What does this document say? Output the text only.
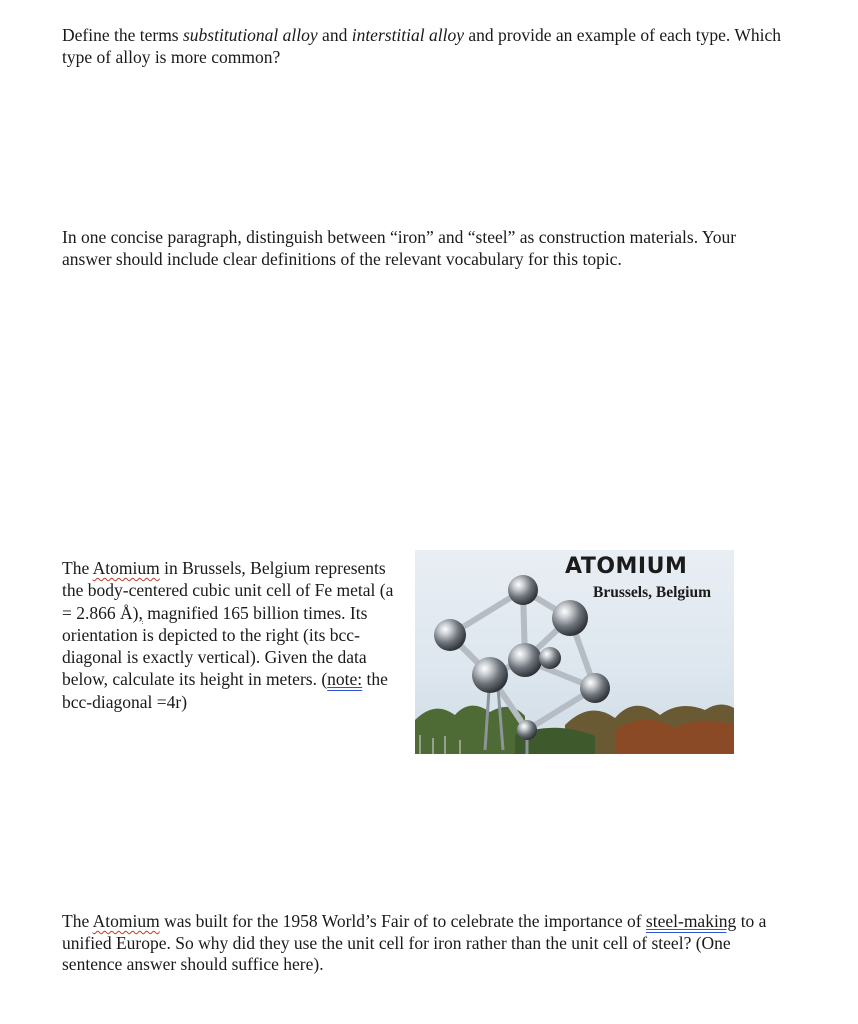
Define the terms substitutional alloy and interstitial alloy and provide an example of each type. Which type of alloy is more common?
In one concise paragraph, distinguish between “iron” and “steel” as construction materials. Your answer should include clear definitions of the relevant vocabulary for this topic.
The Atomium in Brussels, Belgium represents the body-centered cubic unit cell of Fe metal (a = 2.866 Å), magnified 165 billion times. Its orientation is depicted to the right (its bcc-diagonal is exactly vertical). Given the data below, calculate its height in meters. (note: the bcc-diagonal =4r)
ATOMIUM
Brussels, Belgium
The Atomium was built for the 1958 World’s Fair of to celebrate the importance of steel-making to a unified Europe. So why did they use the unit cell for iron rather than the unit cell of steel? (One sentence answer should suffice here).
